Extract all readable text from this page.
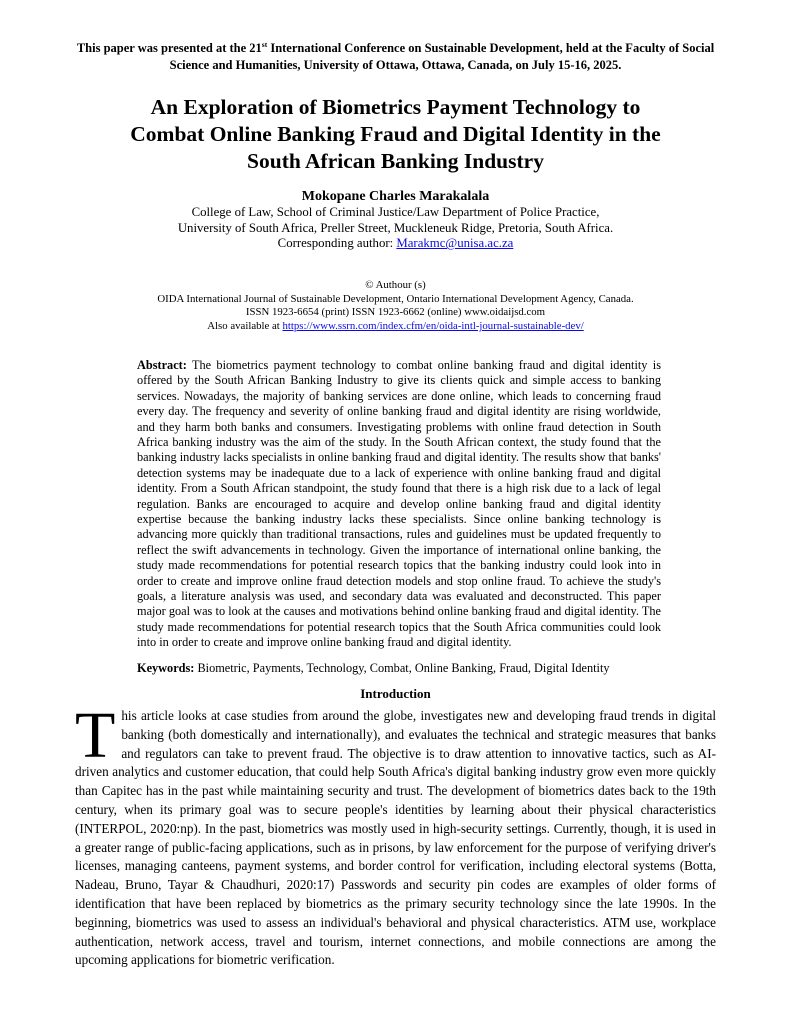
This paper was presented at the 21st International Conference on Sustainable Development, held at the Faculty of Social Science and Humanities, University of Ottawa, Ottawa, Canada, on July 15-16, 2025.
An Exploration of Biometrics Payment Technology to
Combat Online Banking Fraud and Digital Identity in the
South African Banking Industry
Mokopane Charles Marakalala
College of Law, School of Criminal Justice/Law Department of Police Practice,
University of South Africa, Preller Street, Muckleneuk Ridge, Pretoria, South Africa.
Corresponding author: Marakmc@unisa.ac.za
© Authour (s)
OIDA International Journal of Sustainable Development, Ontario International Development Agency, Canada.
ISSN 1923-6654 (print) ISSN 1923-6662 (online) www.oidaijsd.com
Also available at https://www.ssrn.com/index.cfm/en/oida-intl-journal-sustainable-dev/

Abstract: The biometrics payment technology to combat online banking fraud and digital identity is offered by the South African Banking Industry to give its clients quick and simple access to banking services. Nowadays, the majority of banking services are done online, which leads to concerning fraud every day. The frequency and severity of online banking fraud and digital identity are rising worldwide, and they harm both banks and consumers. Investigating problems with online fraud detection in South Africa banking industry was the aim of the study. In the South African context, the study found that the banking industry lacks specialists in online banking fraud and digital identity. The results show that banks' detection systems may be inadequate due to a lack of experience with online banking fraud and digital identity. From a South African standpoint, the study found that there is a high risk due to a lack of legal regulation. Banks are encouraged to acquire and develop online banking fraud and digital identity expertise because the banking industry lacks these specialists. Since online banking technology is advancing more quickly than traditional transactions, rules and guidelines must be updated frequently to reflect the swift advancements in technology. Given the importance of international online banking, the study made recommendations for potential research topics that the banking industry could look into in order to create and improve online fraud detection models and stop online fraud. To achieve the study's goals, a literature analysis was used, and secondary data was evaluated and deconstructed. This paper major goal was to look at the causes and motivations behind online banking fraud and digital identity. The study made recommendations for potential research topics that the South Africa communities could look into in order to create and improve online banking fraud and digital identity.

Keywords: Biometric, Payments, Technology, Combat, Online Banking, Fraud, Digital Identity

Introduction

This article looks at case studies from around the globe, investigates new and developing fraud trends in digital banking (both domestically and internationally), and evaluates the technical and strategic measures that banks and regulators can take to prevent fraud. The objective is to draw attention to innovative tactics, such as AI-driven analytics and customer education, that could help South Africa's digital banking industry grow even more quickly than Capitec has in the past while maintaining security and trust. The development of biometrics dates back to the 19th century, when its primary goal was to secure people's identities by learning about their physical characteristics (INTERPOL, 2020:np). In the past, biometrics was mostly used in high-security settings. Currently, though, it is used in a greater range of public-facing applications, such as in prisons, by law enforcement for the purpose of verifying driver's licenses, managing canteens, payment systems, and border control for verification, including electoral systems (Botta, Nadeau, Bruno, Tayar & Chaudhuri, 2020:17) Passwords and security pin codes are examples of older forms of identification that have been replaced by biometrics as the primary security technology since the late 1990s. In the beginning, biometrics was used to assess an individual's behavioral and physical characteristics. ATM use, workplace authentication, network access, travel and tourism, internet connections, and mobile connections are among the upcoming applications for biometric verification.
